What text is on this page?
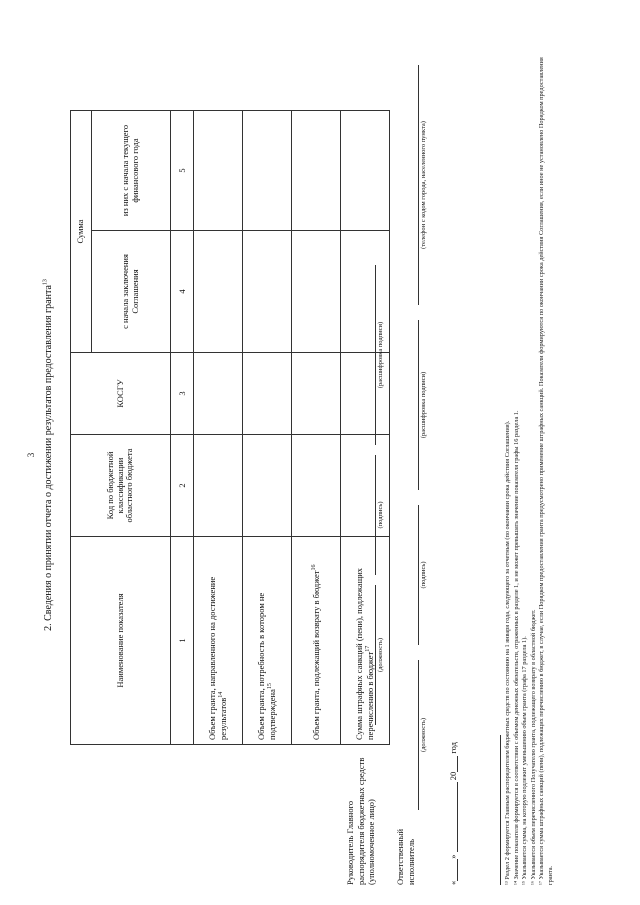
3 2. Сведения о принятии отчета о достижении результатов предоставления гранта$^{13}$
Наименование показателя	Код по бюджетной классификации областного бюджета	КОСГУ	Сумма	
			с начала заключения Соглашения	из них с начала текущего финансового года
1	2	3	4	5
Объем гранта, направленного на достижение результатов$^{14}$				
Объем гранта, потребность в котором не подтверждена$^{15}$				
Объем гранта, подлежащий возврату в бюджет$^{16}$				
Сумма штрафных санкций (пени), подлежащих перечислению в бюджет$^{17}$				
Руководитель Главного распорядителя бюджетных средств (уполномоченное лицо)
(должность)
(подпись)
(расшифровка подписи)
Ответственный исполнитель
(должность)
(подпись)
(расшифровка подписи)
(телефон с кодом города, населенного пункта)
«»  20 год	¹³ Раздел 2 формируется Главным распорядителем бюджетных средств по состоянию на 1 января года, следующего за отчетным (по окончании срока действия Соглашения). ¹⁴ Значение показателя формируется в соответствии с объемом денежных обязательств, отраженных в разделе 1, и не может превышать значение показателя графы 16 раздела 1. ¹⁵ Указывается сумма, на которую подлежит уменьшению объем гранта (графа 17 раздела 1). ¹⁶ Указывается объем перечисленного Получателю гранта, подлежащего возврату в областной бюджет. ¹⁷ Указывается сумма штрафных санкций (пени), подлежащих перечислению в бюджет, в случае, если Порядком предоставления гранта предусмотрено применение штрафных санкций. Показатели формируются по окончании срока действия Соглашения, если иное не установлено Порядком предоставления гранта.
